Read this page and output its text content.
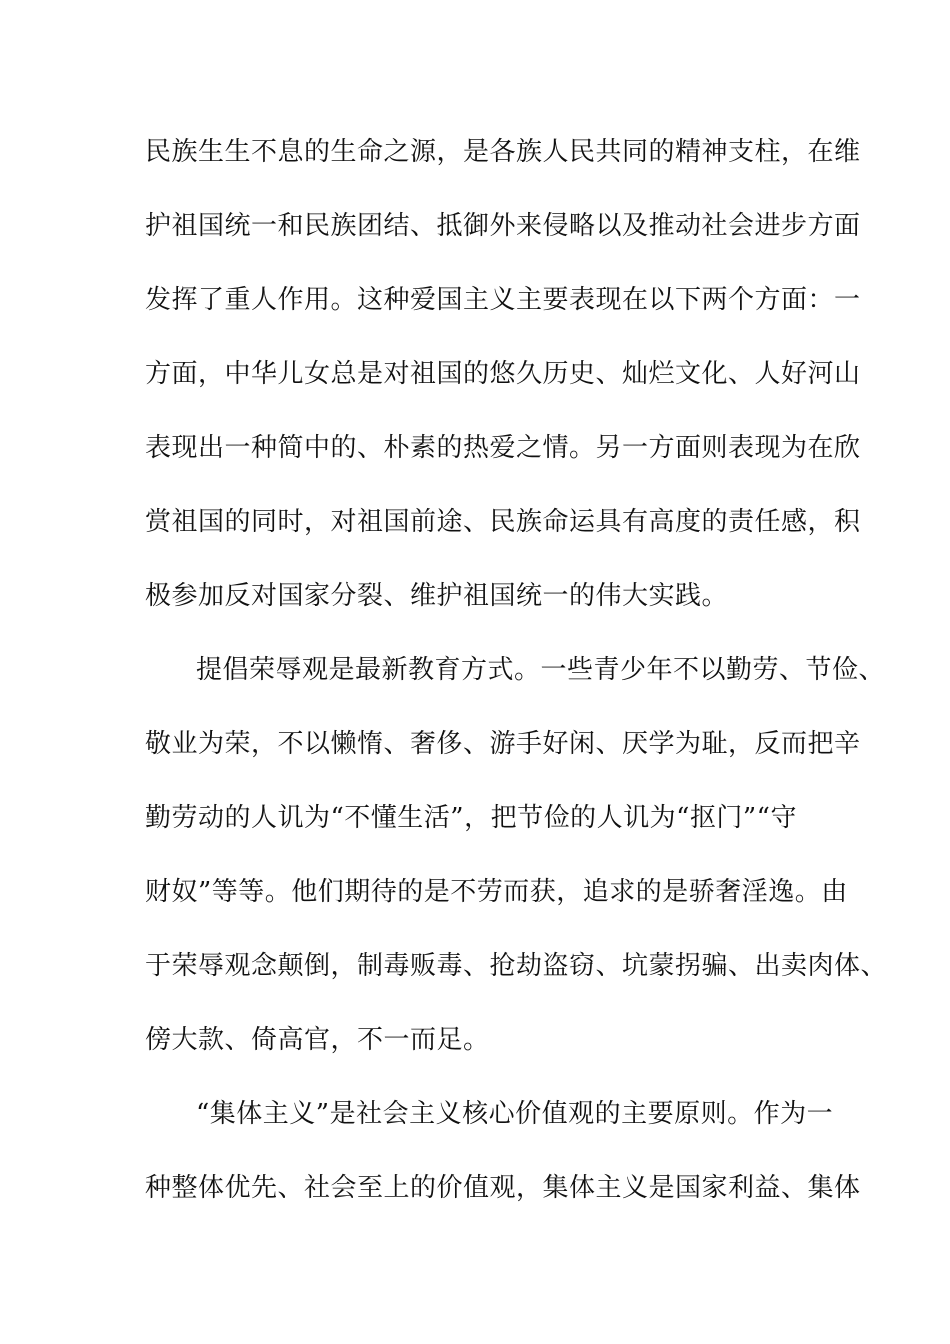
民族生生不息的生命之源，是各族人民共同的精神支柱，在维
护祖国统一和民族团结、抵御外来侵略以及推动社会进步方面
发挥了重人作用。这种爱国主义主要表现在以下两个方面：一
方面，中华儿女总是对祖国的悠久历史、灿烂文化、人好河山
表现出一种简中的、朴素的热爱之情。另一方面则表现为在欣
赏祖国的同时，对祖国前途、民族命运具有高度的责任感，积
极参加反对国家分裂、维护祖国统一的伟大实践。
提倡荣辱观是最新教育方式。一些青少年不以勤劳、节俭、
敬业为荣，不以懒惰、奢侈、游手好闲、厌学为耻，反而把辛
勤劳动的人讥为“不懂生活”，把节俭的人讥为“抠门”“守
财奴”等等。他们期待的是不劳而获，追求的是骄奢淫逸。由
于荣辱观念颠倒，制毒贩毒、抢劫盗窃、坑蒙拐骗、出卖肉体、
傍大款、倚高官，不一而足。
“集体主义”是社会主义核心价值观的主要原则。作为一
种整体优先、社会至上的价值观，集体主义是国家利益、集体
